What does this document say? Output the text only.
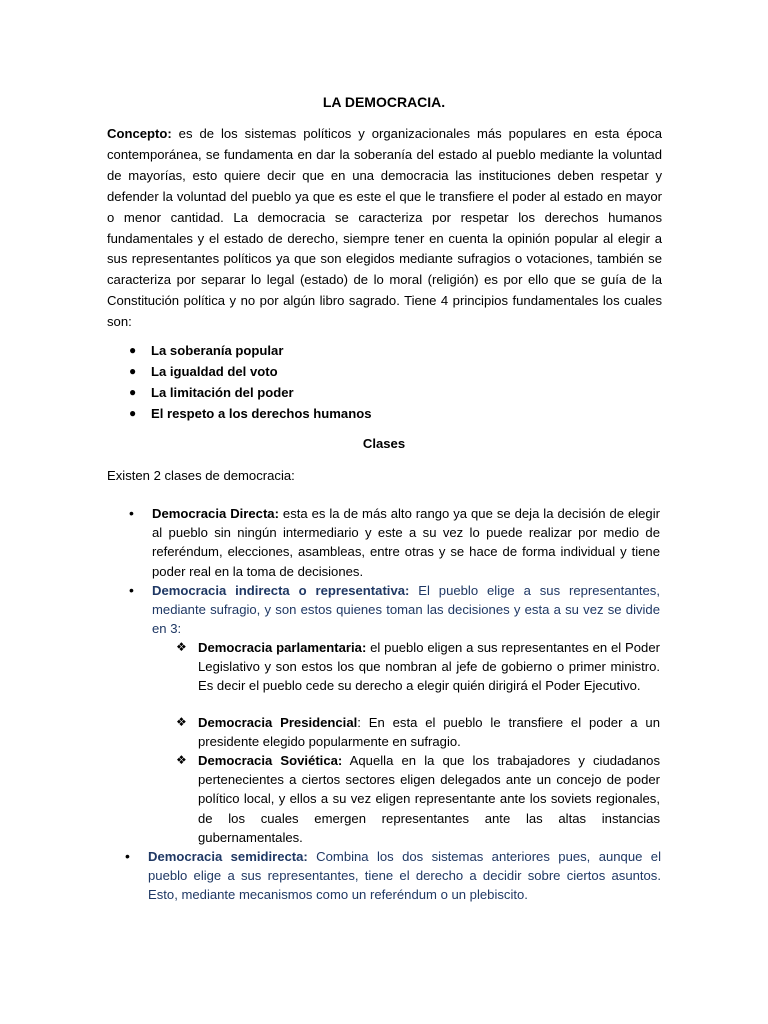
LA DEMOCRACIA.

Concepto: es de los sistemas políticos y organizacionales más populares en esta época contemporánea, se fundamenta en dar la soberanía del estado al pueblo mediante la voluntad de mayorías, esto quiere decir que en una democracia las instituciones deben respetar y defender la voluntad del pueblo ya que es este el que le transfiere el poder al estado en mayor o menor cantidad. La democracia se caracteriza por respetar los derechos humanos fundamentales y el estado de derecho, siempre tener en cuenta la opinión popular al elegir a sus representantes políticos ya que son elegidos mediante sufragios o votaciones, también se caracteriza por separar lo legal (estado) de lo moral (religión) es por ello que se guía de la Constitución política y no por algún libro sagrado. Tiene 4 principios fundamentales los cuales son:

● La soberanía popular
● La igualdad del voto
● La limitación del poder
● El respeto a los derechos humanos
Clases

Existen 2 clases de democracia:

• Democracia Directa: esta es la de más alto rango ya que se deja la decisión de elegir al pueblo sin ningún intermediario y este a su vez lo puede realizar por medio de referéndum, elecciones, asambleas, entre otras y se hace de forma individual y tiene poder real en la toma de decisiones.

• Democracia indirecta o representativa: El pueblo elige a sus representantes, mediante sufragio, y son estos quienes toman las decisiones y esta a su vez se divide en 3:

❖ Democracia parlamentaria: el pueblo eligen a sus representantes en el Poder Legislativo y son estos los que nombran al jefe de gobierno o primer ministro. Es decir el pueblo cede su derecho a elegir quién dirigirá el Poder Ejecutivo.

❖ Democracia Presidencial: En esta el pueblo le transfiere el poder a un presidente elegido popularmente en sufragio.

❖ Democracia Soviética: Aquella en la que los trabajadores y ciudadanos pertenecientes a ciertos sectores eligen delegados ante un concejo de poder político local, y ellos a su vez eligen representante ante los soviets regionales, de los cuales emergen representantes ante las altas instancias gubernamentales.

• Democracia semidirecta: Combina los dos sistemas anteriores pues, aunque el pueblo elige a sus representantes, tiene el derecho a decidir sobre ciertos asuntos. Esto, mediante mecanismos como un referéndum o un plebiscito.
